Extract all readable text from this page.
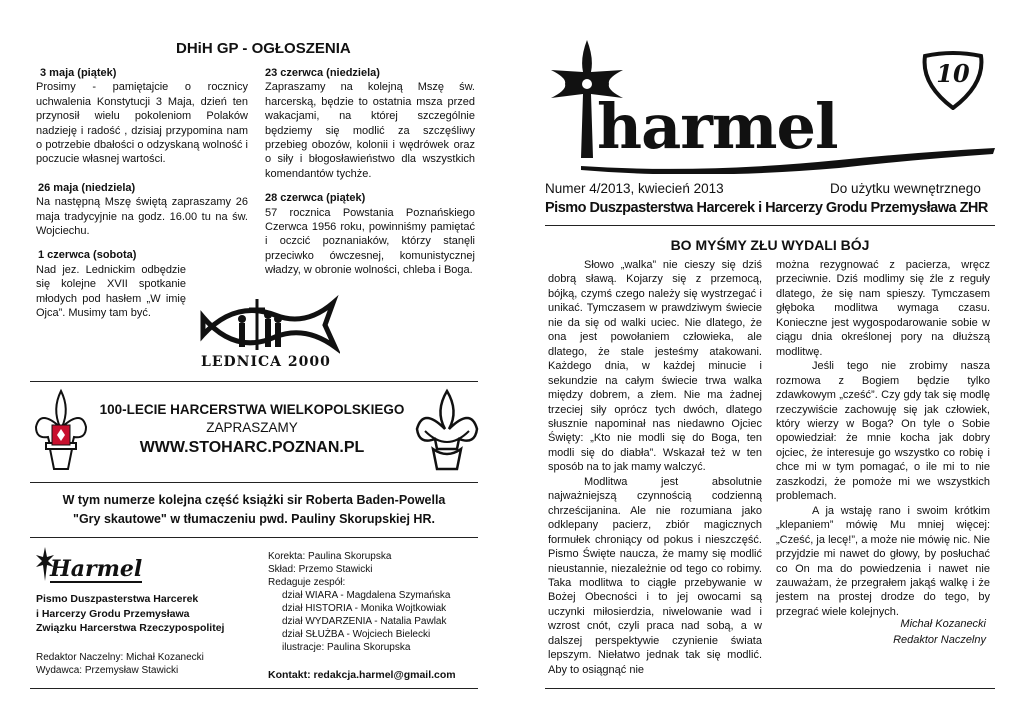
DHiH GP - OGŁOSZENIA
3 maja (piątek)
Prosimy - pamiętajcie o rocznicy uchwalenia Konstytucji 3 Maja, dzień ten przynosił wielu pokoleniom Polaków nadzieję i radość , dzisiaj przypomina nam o potrzebie dbałości o odzyskaną wolność i poczucie własnej wartości.
26 maja (niedziela)
Na następną Mszę świętą zapraszamy 26 maja tradycyjnie na godz. 16.00 tu na św. Wojciechu.
1 czerwca (sobota)
Nad jez. Lednickim odbędzie się kolejne XVII spotkanie młodych pod hasłem „W imię Ojca”. Musimy tam być.
23 czerwca (niedziela)
Zapraszamy na kolejną Mszę św. harcerską, będzie to ostatnia msza przed wakacjami, na której szczególnie będziemy się modlić za szczęśliwy przebieg obozów, kolonii i wędrówek oraz o siły i błogosławieństwo dla wszystkich komendantów tychże.
28 czerwca (piątek)
57 rocznica Powstania Poznańskiego Czerwca 1956 roku, powinniśmy pamiętać i oczcić poznaniaków, którzy stanęli przeciwko ówczesnej, komunistycznej władzy, w obronie wolności, chleba i Boga.
LEDNICA 2000
100-LECIE HARCERSTWA WIELKOPOLSKIEGO
ZAPRASZAMY
WWW.STOHARC.POZNAN.PL
W tym numerze kolejna część książki sir Roberta Baden-Powella
"Gry skautowe" w tłumaczeniu pwd. Pauliny Skorupskiej HR.
Harmel
Pismo Duszpasterstwa Harcerek
i Harcerzy Grodu Przemysława
Związku Harcerstwa Rzeczypospolitej
Redaktor Naczelny: Michał Kozanecki
Wydawca: Przemysław Stawicki
Korekta: Paulina Skorupska
Skład: Przemo Stawicki
Redaguje zespół:
dział WIARA - Magdalena Szymańska
dział HISTORIA - Monika Wojtkowiak
dział WYDARZENIA - Natalia Pawlak
dział SŁUŻBA - Wojciech Bielecki
ilustracje: Paulina Skorupska
Kontakt: redakcja.harmel@gmail.com
harmel
10
Numer 4/2013, kwiecień 2013	Do użytku wewnętrznego
Pismo Duszpasterstwa Harcerek i Harcerzy Grodu Przemysława ZHR
BO MYŚMY ZŁU WYDALI BÓJ

Słowo „walka” nie cieszy się dziś dobrą sławą. Kojarzy się z przemocą, bójką, czymś czego należy się wystrzegać i unikać. Tymczasem w prawdziwym świecie nie da się od walki uciec. Nie dlatego, że ona jest powołaniem człowieka, ale dlatego, że stale jesteśmy atakowani. Każdego dnia, w każdej minucie i sekundzie na całym świecie trwa walka między dobrem, a złem. Nie ma żadnej trzeciej siły oprócz tych dwóch, dlatego słusznie napominał nas niedawno Ojciec Święty: „Kto nie modli się do Boga, ten modli się do diabła”. Wskazał też w ten sposób na to jak mamy walczyć.

Modlitwa jest absolutnie najważniejszą czynnością codzienną chrześcijanina. Ale nie rozumiana jako odklepany pacierz, zbiór magicznych formułek chroniący od pokus i nieszczęść. Pismo Święte naucza, że mamy się modlić nieustannie, niezależnie od tego co robimy. Taka modlitwa to ciągłe przebywanie w Bożej Obecności i to jej owocami są uczynki miłosierdzia, niwelowanie wad i wzrost cnót, czyli praca nad sobą, a w dalszej perspektywie czynienie świata lepszym. Niełatwo jednak tak się modlić. Aby to osiągnąć nie

można rezygnować z pacierza, wręcz przeciwnie. Dziś modlimy się źle z reguły dlatego, że się nam spieszy. Tymczasem głęboka modlitwa wymaga czasu. Konieczne jest wygospodarowanie sobie w ciągu dnia określonej pory na dłuższą modlitwę.

Jeśli tego nie zrobimy nasza rozmowa z Bogiem będzie tylko zdawkowym „cześć”. Czy gdy tak się modlę rzeczywiście zachowuję się jak człowiek, który wierzy w Boga? On tyle o Sobie opowiedział: że mnie kocha jak dobry ojciec, że interesuje go wszystko co robię i chce mi w tym pomagać, o ile mi to nie zaszkodzi, że pomoże mi we wszystkich problemach.

A ja wstaję rano i swoim krótkim „klepaniem” mówię Mu mniej więcej: „Cześć, ja lecę!”, a może nie mówię nic. Nie przyjdzie mi nawet do głowy, by posłuchać co On ma do powiedzenia i nawet nie zauważam, że przegrałem jakąś walkę i że jestem na prostej drodze do tego, by przegrać wiele kolejnych.

Michał Kozanecki
Redaktor Naczelny
